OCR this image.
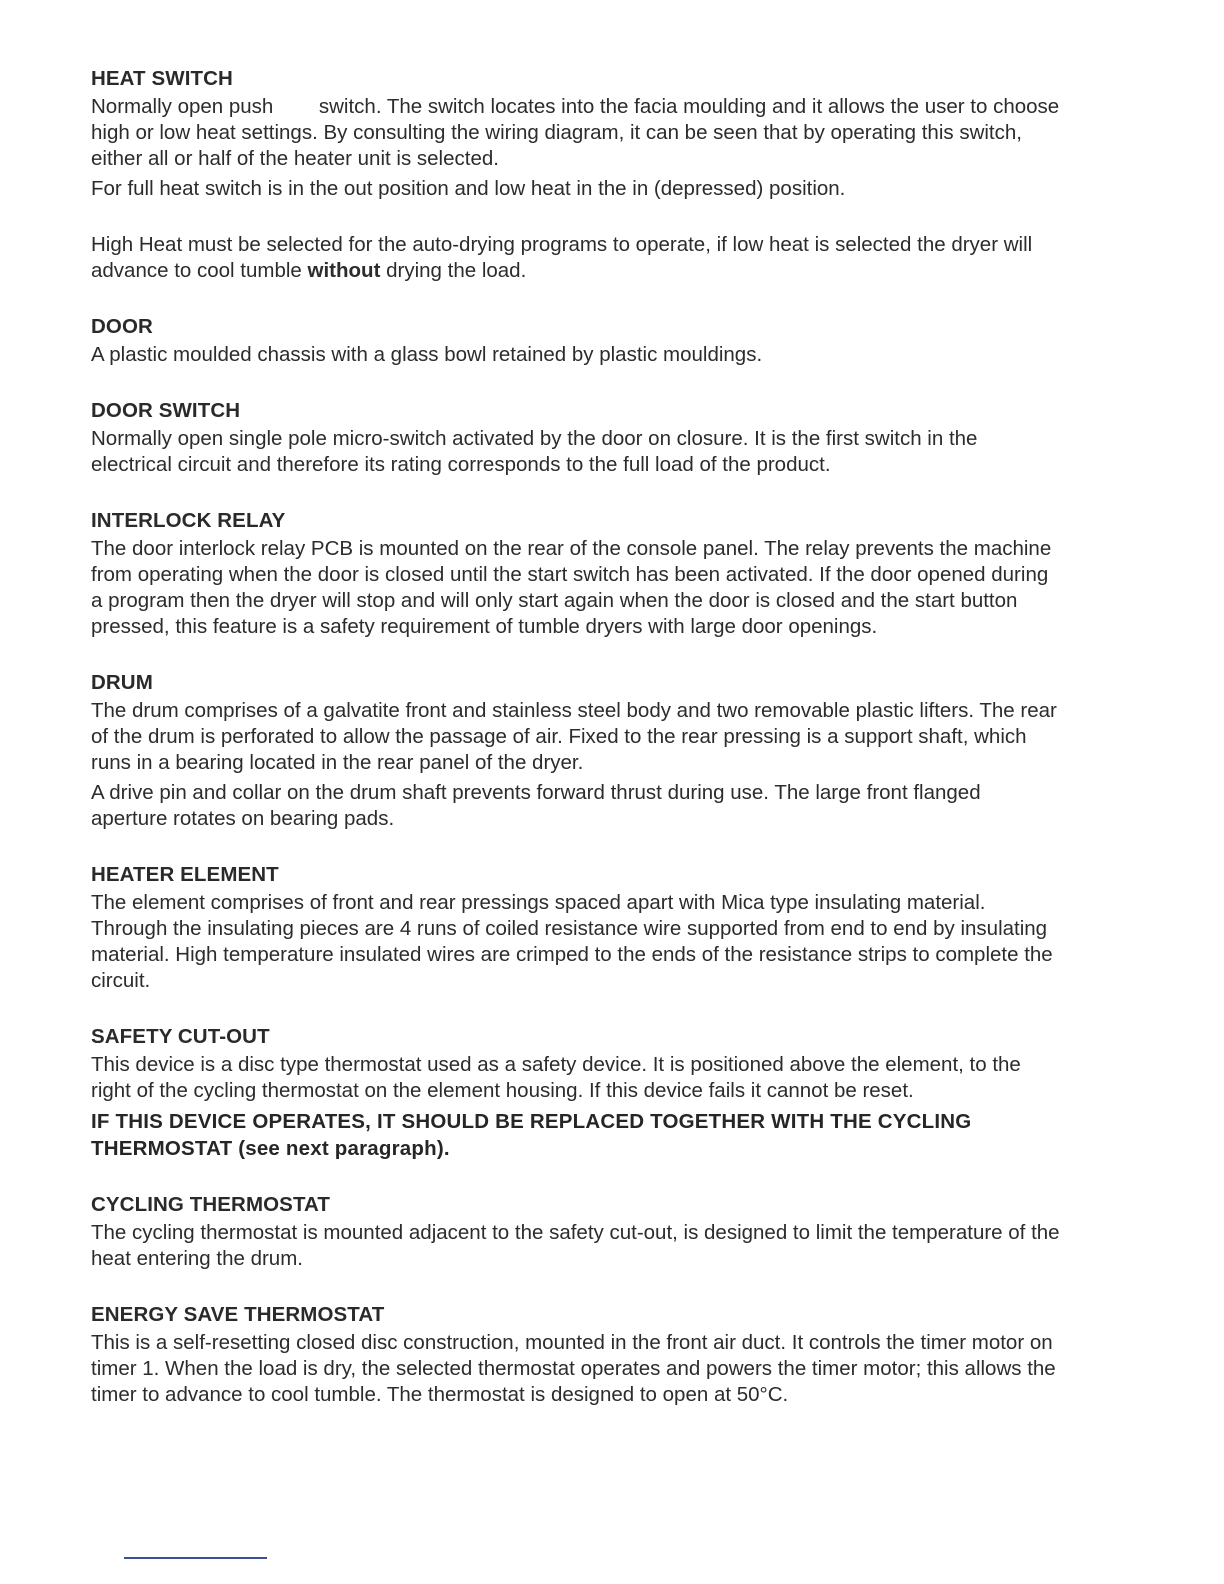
HEAT SWITCH

Normally open push        switch. The switch locates into the facia moulding and it allows the user to choose high or low heat settings. By consulting the wiring diagram, it can be seen that by operating this switch, either all or half of the heater unit is selected.

For full heat switch is in the out position and low heat in the in (depressed) position.

High Heat must be selected for the auto-drying programs to operate, if low heat is selected the dryer will advance to cool tumble without drying the load.

DOOR

A plastic moulded chassis with a glass bowl retained by plastic mouldings.

DOOR SWITCH

Normally open single pole micro-switch activated by the door on closure. It is the first switch in the electrical circuit and therefore its rating corresponds to the full load of the product.

INTERLOCK RELAY

The door interlock relay PCB is mounted on the rear of the console panel. The relay prevents the machine from operating when the door is closed until the start switch has been activated. If the door opened during a program then the dryer will stop and will only start again when the door is closed and the start button pressed, this feature is a safety requirement of tumble dryers with large door openings.

DRUM

The drum comprises of a galvatite front and stainless steel body and two removable plastic lifters. The rear of the drum is perforated to allow the passage of air. Fixed to the rear pressing is a support shaft, which runs in a bearing located in the rear panel of the dryer.

A drive pin and collar on the drum shaft prevents forward thrust during use. The large front flanged aperture rotates on bearing pads.

HEATER ELEMENT

The element comprises of front and rear pressings spaced apart with Mica type insulating material. Through the insulating pieces are 4 runs of coiled resistance wire supported from end to end by insulating material. High temperature insulated wires are crimped to the ends of the resistance strips to complete the circuit.

SAFETY CUT-OUT

This device is a disc type thermostat used as a safety device. It is positioned above the element, to the right of the cycling thermostat on the element housing. If this device fails it cannot be reset.

IF THIS DEVICE OPERATES, IT SHOULD BE REPLACED TOGETHER WITH THE CYCLING THERMOSTAT (see next paragraph).

CYCLING THERMOSTAT

The cycling thermostat is mounted adjacent to the safety cut-out, is designed to limit the temperature of the heat entering the drum.

ENERGY SAVE THERMOSTAT

This is a self-resetting closed disc construction, mounted in the front air duct. It controls the timer motor on timer 1. When the load is dry, the selected thermostat operates and powers the timer motor; this allows the timer to advance to cool tumble. The thermostat is designed to open at 50°C.
